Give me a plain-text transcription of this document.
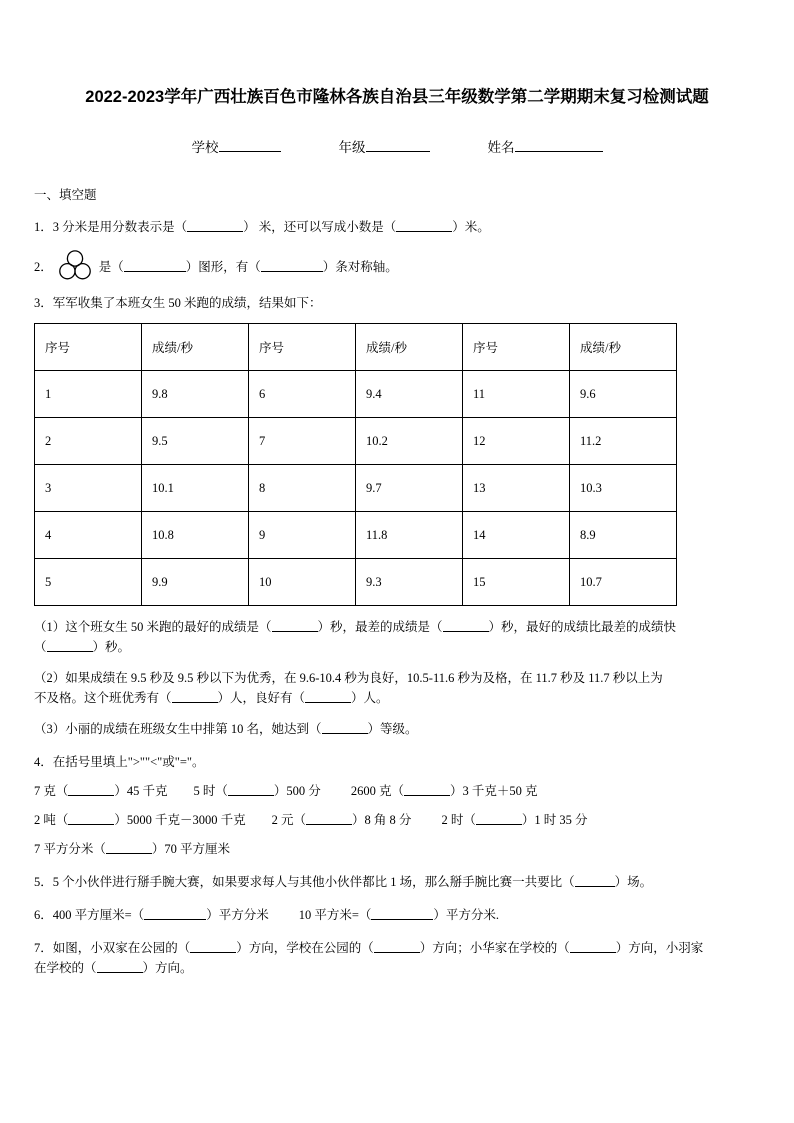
2022-2023学年广西壮族百色市隆林各族自治县三年级数学第二学期期末复习检测试题
学校	年级	姓名
一、填空题
1．3 分米是用分数表示是（	） 米，还可以写成小数是（	）米。
2．	是（	）图形，有（	）条对称轴。
3．军军收集了本班女生 50 米跑的成绩，结果如下：
序号	成绩/秒	序号	成绩/秒	序号	成绩/秒
1	9.8	6	9.4	11	9.6
2	9.5	7	10.2	12	11.2
3	10.1	8	9.7	13	10.3
4	10.8	9	11.8	14	8.9
5	9.9	10	9.3	15	10.7
（1）这个班女生 50 米跑的最好的成绩是（	）秒，最差的成绩是（	）秒，最好的成绩比最差的成绩快
（	）秒。
（2）如果成绩在 9.5 秒及 9.5 秒以下为优秀，在 9.6-10.4 秒为良好，10.5-11.6 秒为及格，在 11.7 秒及 11.7 秒以上为
不及格。这个班优秀有（	）人，良好有（	）人。
（3）小丽的成绩在班级女生中排第 10 名，她达到（	）等级。
4．在括号里填上">""<"或"="。
7 克（	）45 千克 5 时（	）500 分 2600 克（	）3 千克＋50 克
2 吨（	）5000 千克－3000 千克 2 元（	）8 角 8 分 2 时（	）1 时 35 分
7 平方分米（	）70 平方厘米
5．5 个小伙伴进行掰手腕大赛，如果要求每人与其他小伙伴都比 1 场，那么掰手腕比赛一共要比（	）场。
6．400 平方厘米=（	）平方分米 10 平方米=（	）平方分米.
7．如图，小双家在公园的（	）方向，学校在公园的（	）方向；小华家在学校的（	）方向，小羽家
在学校的（	）方向。
